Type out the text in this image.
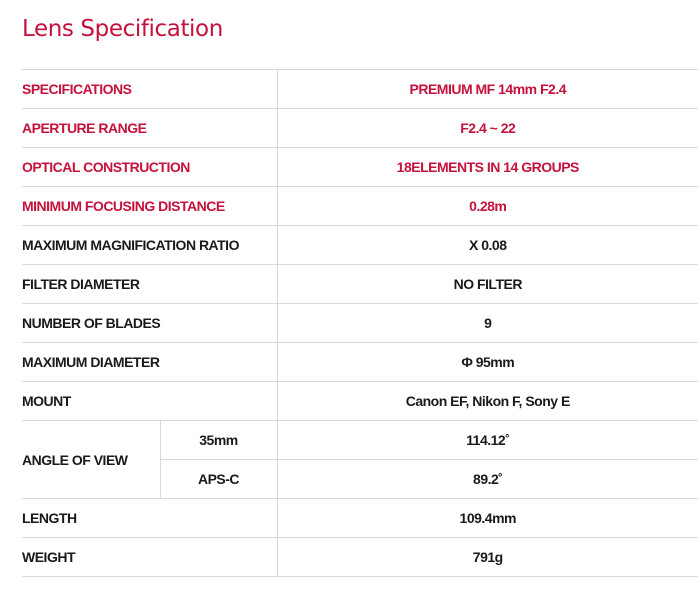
Lens Specification
SPECIFICATIONS		PREMIUM MF 14mm F2.4
APERTURE RANGE		F2.4 ~ 22
OPTICAL CONSTRUCTION		18ELEMENTS IN 14 GROUPS
MINIMUM FOCUSING DISTANCE		0.28m
MAXIMUM MAGNIFICATION RATIO		X 0.08
FILTER DIAMETER		NO FILTER
NUMBER OF BLADES		9
MAXIMUM DIAMETER		Φ 95mm
MOUNT		Canon EF, Nikon F, Sony E
ANGLE OF VIEW	35mm	114.12˚
	APS-C	89.2˚
LENGTH		109.4mm
WEIGHT		791g
